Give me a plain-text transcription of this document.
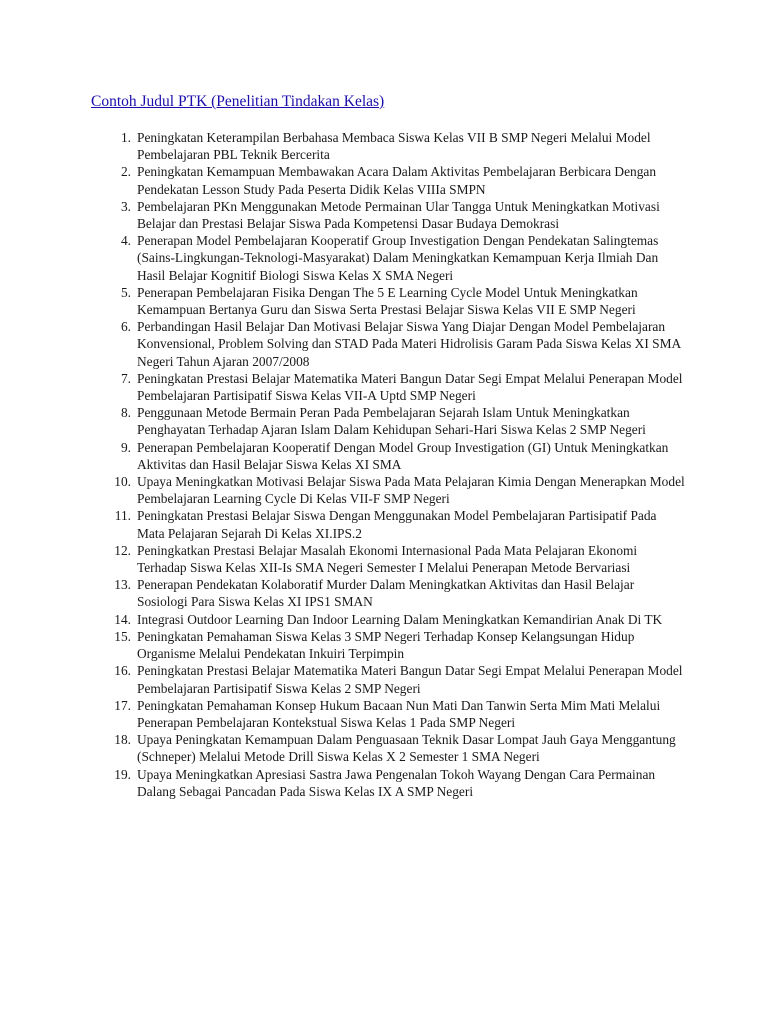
Contoh Judul PTK (Penelitian Tindakan Kelas)
1. Peningkatan Keterampilan Berbahasa Membaca Siswa Kelas VII B SMP Negeri Melalui Model Pembelajaran PBL Teknik Bercerita
2. Peningkatan Kemampuan Membawakan Acara Dalam Aktivitas Pembelajaran Berbicara Dengan Pendekatan Lesson Study Pada Peserta Didik Kelas VIIIa SMPN
3. Pembelajaran PKn Menggunakan Metode Permainan Ular Tangga Untuk Meningkatkan Motivasi Belajar dan Prestasi Belajar Siswa Pada Kompetensi Dasar Budaya Demokrasi
4. Penerapan Model Pembelajaran Kooperatif Group Investigation Dengan Pendekatan Salingtemas (Sains-Lingkungan-Teknologi-Masyarakat) Dalam Meningkatkan Kemampuan Kerja Ilmiah Dan Hasil Belajar Kognitif Biologi Siswa Kelas X SMA Negeri
5. Penerapan Pembelajaran Fisika Dengan The 5 E Learning Cycle Model Untuk Meningkatkan Kemampuan Bertanya Guru dan Siswa Serta Prestasi Belajar Siswa Kelas VII E SMP Negeri
6. Perbandingan Hasil Belajar Dan Motivasi Belajar Siswa Yang Diajar Dengan Model Pembelajaran Konvensional, Problem Solving dan STAD Pada Materi Hidrolisis Garam Pada Siswa Kelas XI SMA Negeri Tahun Ajaran 2007/2008
7. Peningkatan Prestasi Belajar Matematika Materi Bangun Datar Segi Empat Melalui Penerapan Model Pembelajaran Partisipatif Siswa Kelas VII-A Uptd SMP Negeri
8. Penggunaan Metode Bermain Peran Pada Pembelajaran Sejarah Islam Untuk Meningkatkan Penghayatan Terhadap Ajaran Islam Dalam Kehidupan Sehari-Hari Siswa Kelas 2 SMP Negeri
9. Penerapan Pembelajaran Kooperatif Dengan Model Group Investigation (GI) Untuk Meningkatkan Aktivitas dan Hasil Belajar Siswa Kelas XI SMA
10. Upaya Meningkatkan Motivasi Belajar Siswa Pada Mata Pelajaran Kimia Dengan Menerapkan Model Pembelajaran Learning Cycle Di Kelas VII-F SMP Negeri
11. Peningkatan Prestasi Belajar Siswa Dengan Menggunakan Model Pembelajaran Partisipatif Pada Mata Pelajaran Sejarah Di Kelas XI.IPS.2
12. Peningkatkan Prestasi Belajar Masalah Ekonomi Internasional Pada Mata Pelajaran Ekonomi Terhadap Siswa Kelas XII-Is SMA Negeri Semester I Melalui Penerapan Metode Bervariasi
13. Penerapan Pendekatan Kolaboratif Murder Dalam Meningkatkan Aktivitas dan Hasil Belajar Sosiologi Para Siswa Kelas XI IPS1 SMAN
14. Integrasi Outdoor Learning Dan Indoor Learning Dalam Meningkatkan Kemandirian Anak Di TK
15. Peningkatan Pemahaman Siswa Kelas 3 SMP Negeri Terhadap Konsep Kelangsungan Hidup Organisme Melalui Pendekatan Inkuiri Terpimpin
16. Peningkatan Prestasi Belajar Matematika Materi Bangun Datar Segi Empat Melalui Penerapan Model Pembelajaran Partisipatif Siswa Kelas 2 SMP Negeri
17. Peningkatan Pemahaman Konsep Hukum Bacaan Nun Mati Dan Tanwin Serta Mim Mati Melalui Penerapan Pembelajaran Kontekstual Siswa Kelas 1 Pada SMP Negeri
18. Upaya Peningkatan Kemampuan Dalam Penguasaan Teknik Dasar Lompat Jauh Gaya Menggantung (Schneper) Melalui Metode Drill Siswa Kelas X 2 Semester 1 SMA Negeri
19. Upaya Meningkatkan Apresiasi Sastra Jawa Pengenalan Tokoh Wayang Dengan Cara Permainan Dalang Sebagai Pancadan Pada Siswa Kelas IX A SMP Negeri
